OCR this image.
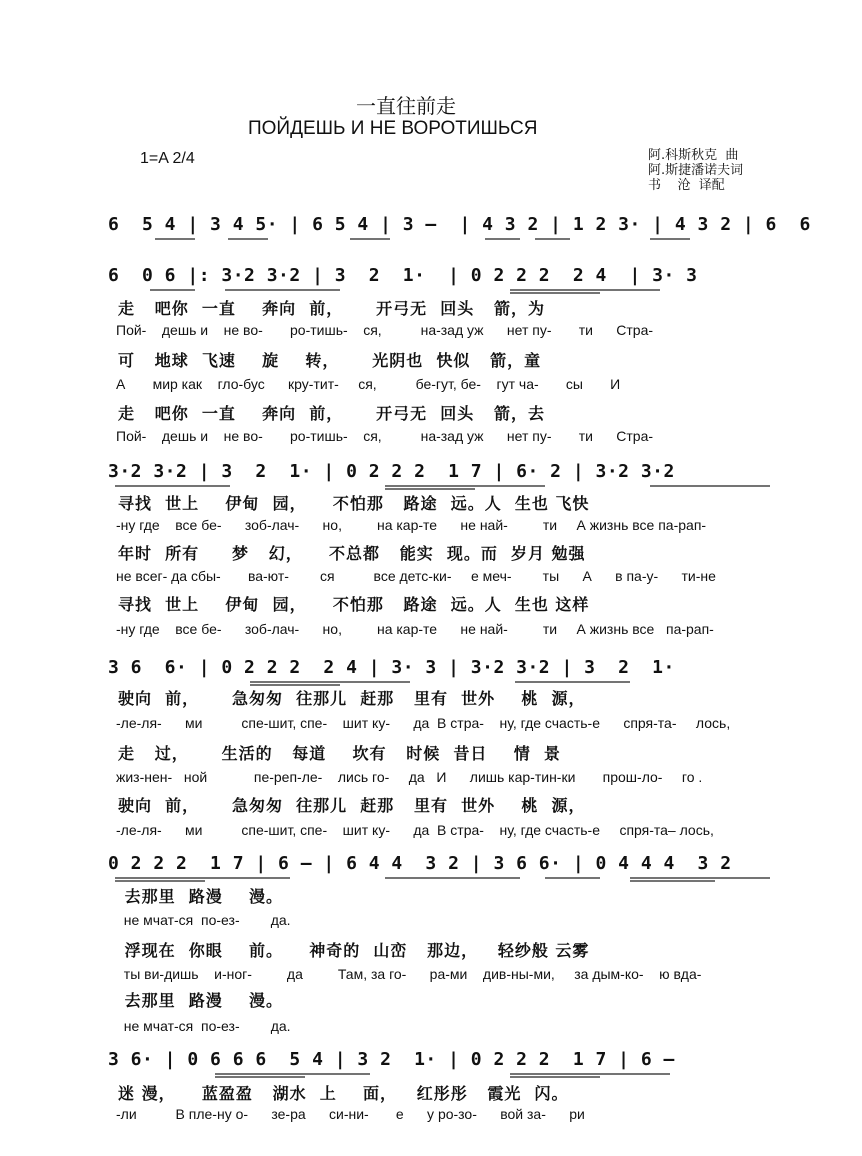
一直往前走
ПОЙДЕШЬ И НЕ ВОРОТИШЬСЯ
1=A 2/4	阿.科斯秋克  曲
阿.斯捷潘诺夫词
书    沧  译配
6  5 4 | 3 4 5· | 6 5 4 | 3 –  | 4 3 2 | 1 2 3· | 4 3 2 | 6  6
6  0 6 |: 3·2 3·2 | 3  2  1·  | 0 2 2 2  2 4  | 3· 3
走   吧你  一直    奔向  前，     开弓无  回头   箭，为
Пой-    дешь и    не во-       ро-тишь-    ся,          на-зад уж      нет пу-       ти      Стра-
可   地球  飞速    旋    转，     光阴也  快似   箭，童
А       мир как    гло-бус      кру-тит-     ся,          бе-гут, бе-    гут ча-       сы       И
走   吧你  一直    奔向  前，     开弓无  回头   箭，去
Пой-    дешь и    не во-       ро-тишь-    ся,          на-зад уж      нет пу-       ти      Стра-
3·2 3·2 | 3  2  1· | 0 2 2 2  1 7 | 6· 2 | 3·2 3·2
寻找  世上    伊甸  园，    不怕那   路途  远。人  生也 飞快
-ну где    все бе-      зоб-лач-      но,         на кар-те      не най-         ти     А жизнь все па-рап-
年时  所有     梦   幻，    不总都   能实  现。而  岁月 勉强
не всег- да сбы-       ва-ют-        ся          все детс-ки-     е меч-        ты      А      в па-у-      ти-не
寻找  世上    伊甸  园，    不怕那   路途  远。人  生也 这样
-ну где    все бе-      зоб-лач-      но,         на кар-те      не най-         ти     А жизнь все   па-рап-
3 6  6· | 0 2 2 2  2 4 | 3· 3 | 3·2 3·2 | 3  2  1·
驶向  前，     急匆匆  往那儿  赶那   里有  世外    桃  源，
-ле-ля-      ми          спе-шит, спе-    шит ку-      да  В стра-    ну, где счасть-е      спря-та-     лось,
走   过，     生活的   每道    坎有   时候  昔日    情  景
жиз-нен-   ной            пе-реп-ле-    лись го-     да   И      лишь кар-тин-ки       прош-ло-     го .
驶向  前，     急匆匆  往那儿  赶那   里有  世外    桃  源，
-ле-ля-      ми          спе-шит, спе-    шит ку-      да  В стра-    ну, где счасть-е     спря-та– лось,
0 2 2 2  1 7 | 6 – | 6 4 4  3 2 | 3 6 6· | 0 4 4 4  3 2
去那里  路漫    漫。
не мчат-ся  по-ез-        да.
浮现在  你眼    前。    神奇的  山峦   那边，   轻纱般 云雾
ты ви-дишь    и-ног-         да         Там, за го-      ра-ми    див-ны-ми,     за дым-ко-    ю вда-
去那里  路漫    漫。
не мчат-ся  по-ез-        да.
3 6· | 0 6 6 6  5 4 | 3 2  1· | 0 2 2 2  1 7 | 6 –
迷 漫，    蓝盈盈   湖水  上    面，   红彤彤   霞光  闪。
-ли          В пле-ну о-      зе-ра      си-ни-       е      у ро-зо-      вой за-      ри
